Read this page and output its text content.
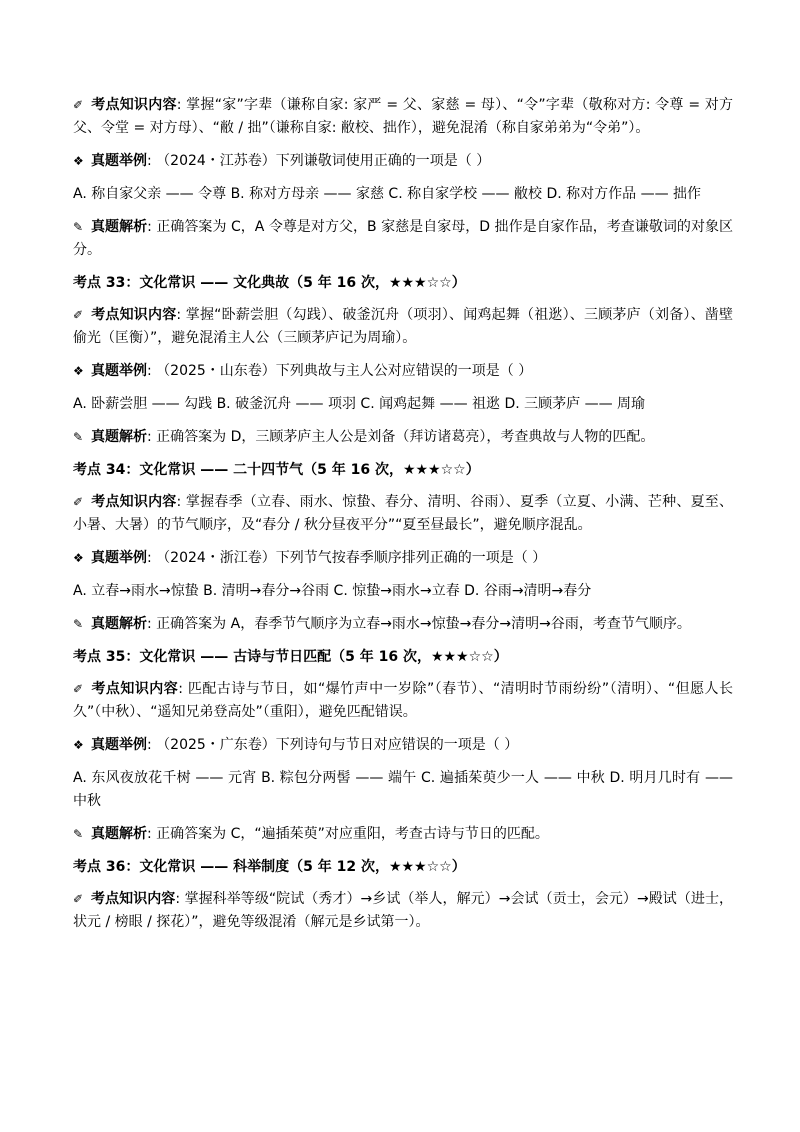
✐ 考点知识内容: 掌握“家”字辈（谦称自家: 家严 = 父、家慈 = 母）、“令”字辈（敬称对方: 令尊 = 对方父、令堂 = 对方母）、“敝 / 拙”（谦称自家: 敝校、拙作），避免混淆（称自家弟弟为“令弟”）。
❖ 真题举例: （2024・江苏卷）下列谦敬词使用正确的一项是（ ）
A. 称自家父亲 —— 令尊 B. 称对方母亲 —— 家慈 C. 称自家学校 —— 敝校 D. 称对方作品 —— 拙作
✎ 真题解析: 正确答案为 C，A 令尊是对方父，B 家慈是自家母，D 拙作是自家作品，考查谦敬词的对象区分。
考点 33：文化常识 —— 文化典故（5 年 16 次，★★★☆☆）
✐ 考点知识内容: 掌握“卧薪尝胆（勾践）、破釜沉舟（项羽）、闻鸡起舞（祖逖）、三顾茅庐（刘备）、凿壁偷光（匡衡）”，避免混淆主人公（三顾茅庐记为周瑜）。
❖ 真题举例: （2025・山东卷）下列典故与主人公对应错误的一项是（ ）
A. 卧薪尝胆 —— 勾践 B. 破釜沉舟 —— 项羽 C. 闻鸡起舞 —— 祖逖 D. 三顾茅庐 —— 周瑜
✎ 真题解析: 正确答案为 D，三顾茅庐主人公是刘备（拜访诸葛亮），考查典故与人物的匹配。
考点 34：文化常识 —— 二十四节气（5 年 16 次，★★★☆☆）
✐ 考点知识内容: 掌握春季（立春、雨水、惊蛰、春分、清明、谷雨）、夏季（立夏、小满、芒种、夏至、小暑、大暑）的节气顺序，及“春分 / 秋分昼夜平分”“夏至昼最长”，避免顺序混乱。
❖ 真题举例: （2024・浙江卷）下列节气按春季顺序排列正确的一项是（ ）
A. 立春→雨水→惊蛰 B. 清明→春分→谷雨 C. 惊蛰→雨水→立春 D. 谷雨→清明→春分
✎ 真题解析: 正确答案为 A，春季节气顺序为立春→雨水→惊蛰→春分→清明→谷雨，考查节气顺序。
考点 35：文化常识 —— 古诗与节日匹配（5 年 16 次，★★★☆☆）
✐ 考点知识内容: 匹配古诗与节日，如“爆竹声中一岁除”（春节）、“清明时节雨纷纷”（清明）、“但愿人长久”（中秋）、“遥知兄弟登高处”（重阳），避免匹配错误。
❖ 真题举例: （2025・广东卷）下列诗句与节日对应错误的一项是（ ）
A. 东风夜放花千树 —— 元宵 B. 粽包分两髻 —— 端午 C. 遍插茱萸少一人 —— 中秋 D. 明月几时有 —— 中秋
✎ 真题解析: 正确答案为 C，“遍插茱萸”对应重阳，考查古诗与节日的匹配。
考点 36：文化常识 —— 科举制度（5 年 12 次，★★★☆☆）
✐ 考点知识内容: 掌握科举等级“院试（秀才）→乡试（举人，解元）→会试（贡士，会元）→殿试（进士，状元 / 榜眼 / 探花）”，避免等级混淆（解元是乡试第一）。
